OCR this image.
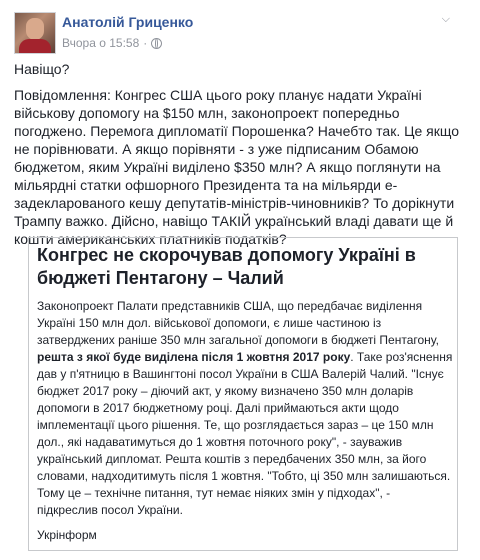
Анатолій Гриценко
Вчора о 15:58 ·
⌵

Навіщо?

Повідомлення: Конгрес США цього року планує надати Україні військову допомогу на $150 млн, законопроект попередньо погоджено. Перемога дипломатії Порошенка? Начебто так. Це якщо не порівнювати. А якщо порівняти - з уже підписаним Обамою бюджетом, яким Україні виділено $350 млн? А якщо поглянути на мільярдні статки офшорного Президента та на мільярди е-задекларованого кешу депутатів-міністрів-чиновників? То дорікнути Трампу важко. Дійсно, навіщо ТАКІЙ український владі давати ще й кошти американських платників податків?

Конгрес не скорочував допомогу Україні в бюджеті Пентагону – Чалий

Законопроект Палати представників США, що передбачає виділення Україні 150 млн дол. військової допомоги, є лише частиною із затверджених раніше 350 млн загальної допомоги в бюджеті Пентагону, решта з якої буде виділена після 1 жовтня 2017 року. Таке роз'яснення дав у п'ятницю в Вашингтоні посол України в США Валерій Чалий. "Існує бюджет 2017 року – діючий акт, у якому визначено 350 млн доларів допомоги в 2017 бюджетному році. Далі приймаються акти щодо імплементації цього рішення. Те, що розглядається зараз – це 150 млн дол., які надаватимуться до 1 жовтня поточного року", - зауважив український дипломат. Решта коштів з передбачених 350 млн, за його словами, надходитимуть після 1 жовтня. "Тобто, ці 350 млн залишаються. Тому це – технічне питання, тут немає ніяких змін у підходах", - підкреслив посол України.

Укрінформ
